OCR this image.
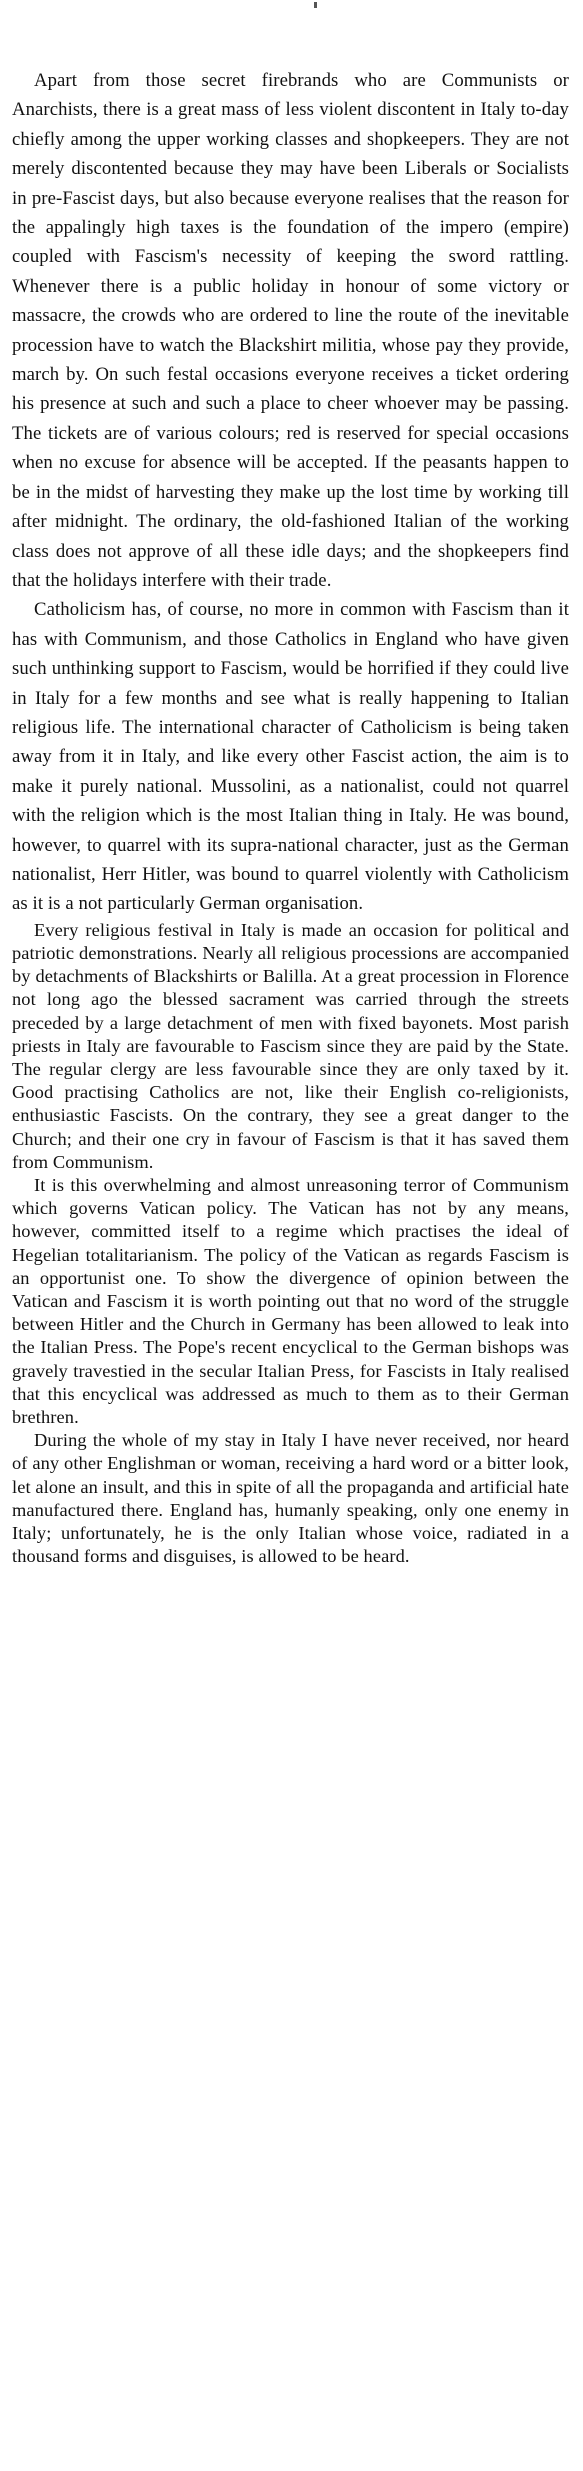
Apart from those secret firebrands who are Communists or Anarchists, there is a great mass of less violent discontent in Italy to-day chiefly among the upper working classes and shopkeepers. They are not merely discontented because they may have been Liberals or Socialists in pre-Fascist days, but also because everyone realises that the reason for the appalingly high taxes is the foundation of the impero (empire) coupled with Fascism's necessity of keeping the sword rattling. Whenever there is a public holiday in honour of some victory or massacre, the crowds who are ordered to line the route of the inevitable procession have to watch the Blackshirt militia, whose pay they provide, march by. On such festal occasions everyone receives a ticket ordering his presence at such and such a place to cheer whoever may be passing. The tickets are of various colours; red is reserved for special occasions when no excuse for absence will be accepted. If the peasants happen to be in the midst of harvesting they make up the lost time by working till after midnight. The ordinary, the old-fashioned Italian of the working class does not approve of all these idle days; and the shopkeepers find that the holidays interfere with their trade.

Catholicism has, of course, no more in common with Fascism than it has with Communism, and those Catholics in England who have given such unthinking support to Fascism, would be horrified if they could live in Italy for a few months and see what is really happening to Italian religious life. The international character of Catholicism is being taken away from it in Italy, and like every other Fascist action, the aim is to make it purely national. Mussolini, as a nationalist, could not quarrel with the religion which is the most Italian thing in Italy. He was bound, however, to quarrel with its supra-national character, just as the German nationalist, Herr Hitler, was bound to quarrel violently with Catholicism as it is a not particularly German organisation.

Every religious festival in Italy is made an occasion for political and patriotic demonstrations. Nearly all religious processions are accompanied by detachments of Blackshirts or Balilla. At a great procession in Florence not long ago the blessed sacrament was carried through the streets preceded by a large detachment of men with fixed bayonets. Most parish priests in Italy are favourable to Fascism since they are paid by the State. The regular clergy are less favourable since they are only taxed by it. Good practising Catholics are not, like their English co-religionists, enthusiastic Fascists. On the contrary, they see a great danger to the Church; and their one cry in favour of Fascism is that it has saved them from Communism.

It is this overwhelming and almost unreasoning terror of Communism which governs Vatican policy. The Vatican has not by any means, however, committed itself to a regime which practises the ideal of Hegelian totalitarianism. The policy of the Vatican as regards Fascism is an opportunist one. To show the divergence of opinion between the Vatican and Fascism it is worth pointing out that no word of the struggle between Hitler and the Church in Germany has been allowed to leak into the Italian Press. The Pope's recent encyclical to the German bishops was gravely travestied in the secular Italian Press, for Fascists in Italy realised that this encyclical was addressed as much to them as to their German brethren.

During the whole of my stay in Italy I have never received, nor heard of any other Englishman or woman, receiving a hard word or a bitter look, let alone an insult, and this in spite of all the propaganda and artificial hate manufactured there. England has, humanly speaking, only one enemy in Italy; unfortunately, he is the only Italian whose voice, radiated in a thousand forms and disguises, is allowed to be heard.
